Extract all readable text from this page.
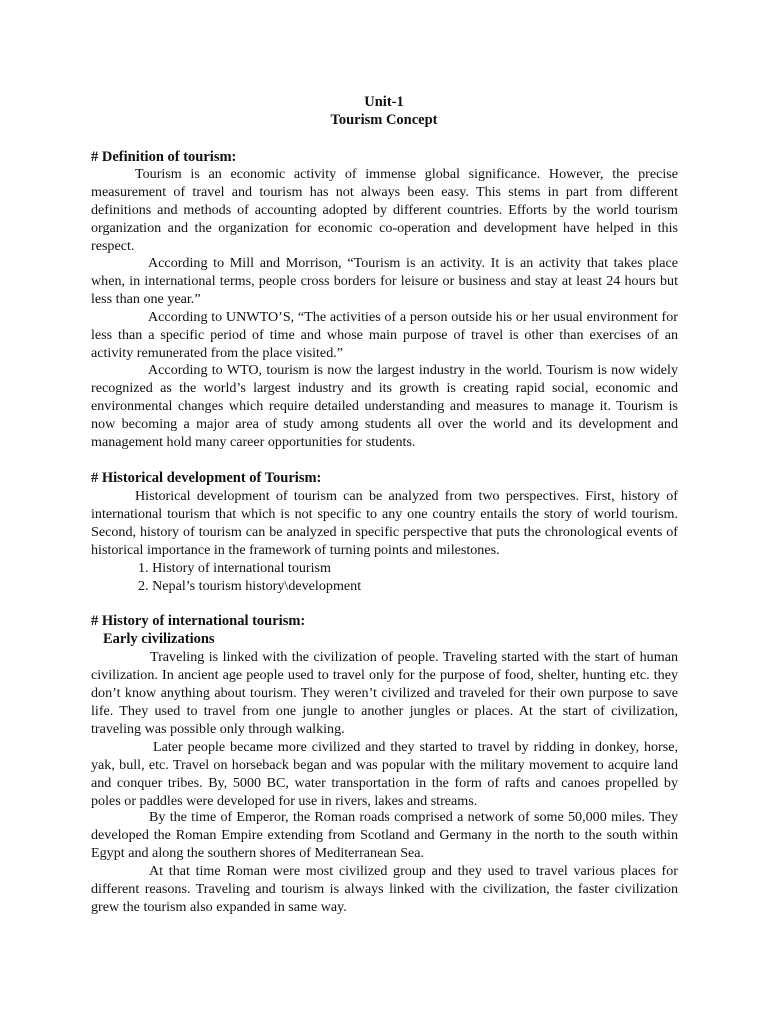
Unit-1
Tourism Concept
# Definition of tourism:

Tourism is an economic activity of immense global significance. However, the precise measurement of travel and tourism has not always been easy. This stems in part from different definitions and methods of accounting adopted by different countries. Efforts by the world tourism organization and the organization for economic co-operation and development have helped in this respect.

According to Mill and Morrison, “Tourism is an activity. It is an activity that takes place when, in international terms, people cross borders for leisure or business and stay at least 24 hours but less than one year.”

According to UNWTO’S, “The activities of a person outside his or her usual environment for less than a specific period of time and whose main purpose of travel is other than exercises of an activity remunerated from the place visited.”

According to WTO, tourism is now the largest industry in the world. Tourism is now widely recognized as the world’s largest industry and its growth is creating rapid social, economic and environmental changes which require detailed understanding and measures to manage it. Tourism is now becoming a major area of study among students all over the world and its development and management hold many career opportunities for students.

# Historical development of Tourism:

Historical development of tourism can be analyzed from two perspectives. First, history of international tourism that which is not specific to any one country entails the story of world tourism. Second, history of tourism can be analyzed in specific perspective that puts the chronological events of historical importance in the framework of turning points and milestones.

1. History of international tourism
2. Nepal’s tourism history\development
# History of international tourism:
Early civilizations

Traveling is linked with the civilization of people. Traveling started with the start of human civilization. In ancient age people used to travel only for the purpose of food, shelter, hunting etc. they don’t know anything about tourism. They weren’t civilized and traveled for their own purpose to save life. They used to travel from one jungle to another jungles or places. At the start of civilization, traveling was possible only through walking.

Later people became more civilized and they started to travel by ridding in donkey, horse, yak, bull, etc. Travel on horseback began and was popular with the military movement to acquire land and conquer tribes. By, 5000 BC, water transportation in the form of rafts and canoes propelled by poles or paddles were developed for use in rivers, lakes and streams.

By the time of Emperor, the Roman roads comprised a network of some 50,000 miles. They developed the Roman Empire extending from Scotland and Germany in the north to the south within Egypt and along the southern shores of Mediterranean Sea.

At that time Roman were most civilized group and they used to travel various places for different reasons. Traveling and tourism is always linked with the civilization, the faster civilization grew the tourism also expanded in same way.
